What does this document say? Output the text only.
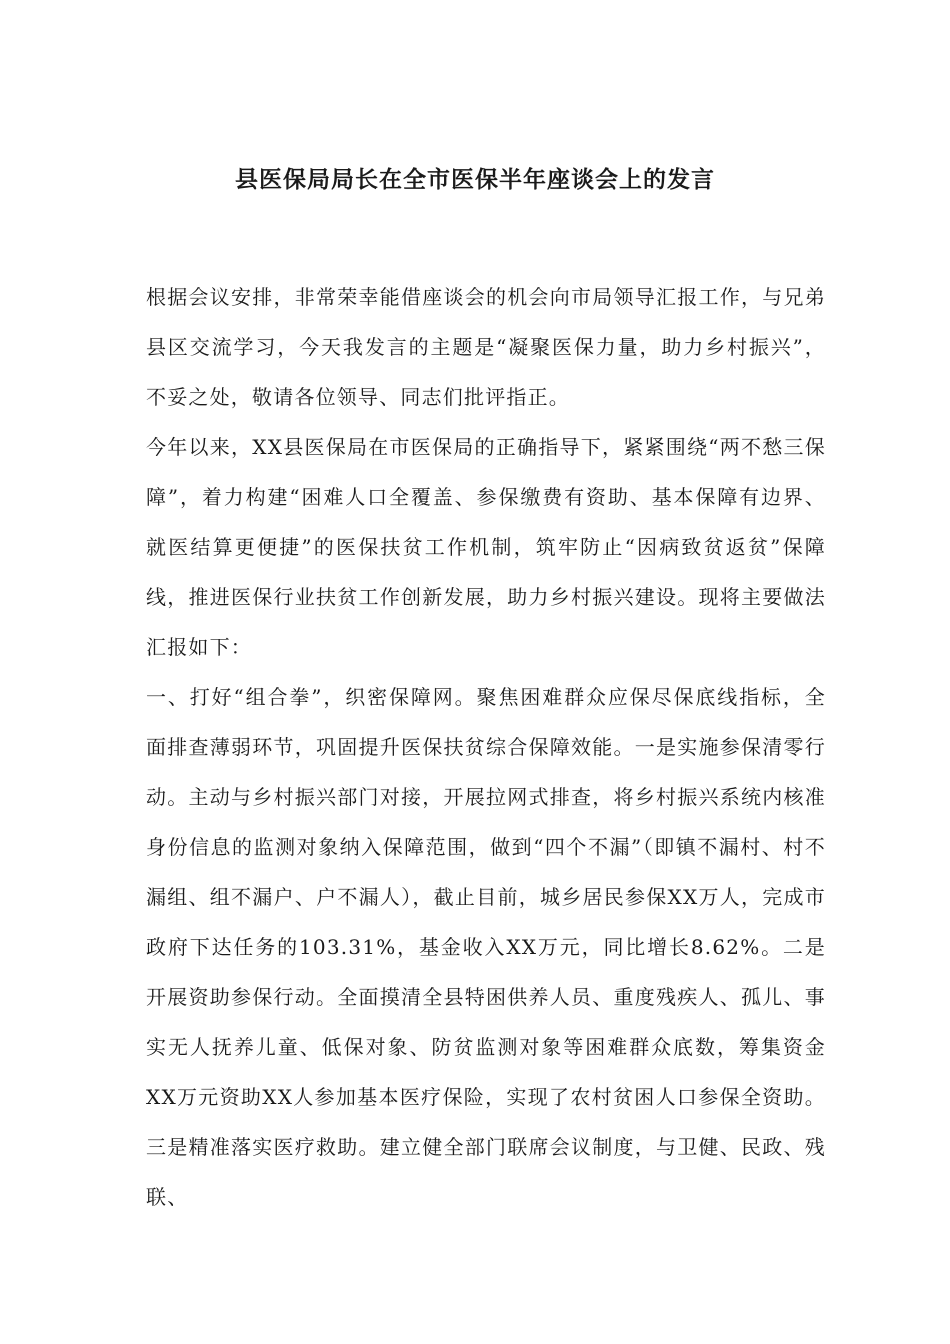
县医保局局长在全市医保半年座谈会上的发言

根据会议安排，非常荣幸能借座谈会的机会向市局领导汇报工作，与兄弟县区交流学习，今天我发言的主题是“凝聚医保力量，助力乡村振兴”，不妥之处，敬请各位领导、同志们批评指正。

今年以来，XX县医保局在市医保局的正确指导下，紧紧围绕“两不愁三保障”，着力构建“困难人口全覆盖、参保缴费有资助、基本保障有边界、就医结算更便捷”的医保扶贫工作机制，筑牢防止“因病致贫返贫”保障线，推进医保行业扶贫工作创新发展，助力乡村振兴建设。现将主要做法汇报如下：

一、打好“组合拳”，织密保障网。聚焦困难群众应保尽保底线指标，全面排查薄弱环节，巩固提升医保扶贫综合保障效能。一是实施参保清零行动。主动与乡村振兴部门对接，开展拉网式排查，将乡村振兴系统内核准身份信息的监测对象纳入保障范围，做到“四个不漏”（即镇不漏村、村不漏组、组不漏户、户不漏人），截止目前，城乡居民参保XX万人，完成市政府下达任务的103.31%，基金收入XX万元，同比增长8.62%。二是开展资助参保行动。全面摸清全县特困供养人员、重度残疾人、孤儿、事实无人抚养儿童、低保对象、防贫监测对象等困难群众底数，筹集资金XX万元资助XX人参加基本医疗保险，实现了农村贫困人口参保全资助。三是精准落实医疗救助。建立健全部门联席会议制度，与卫健、民政、残联、
